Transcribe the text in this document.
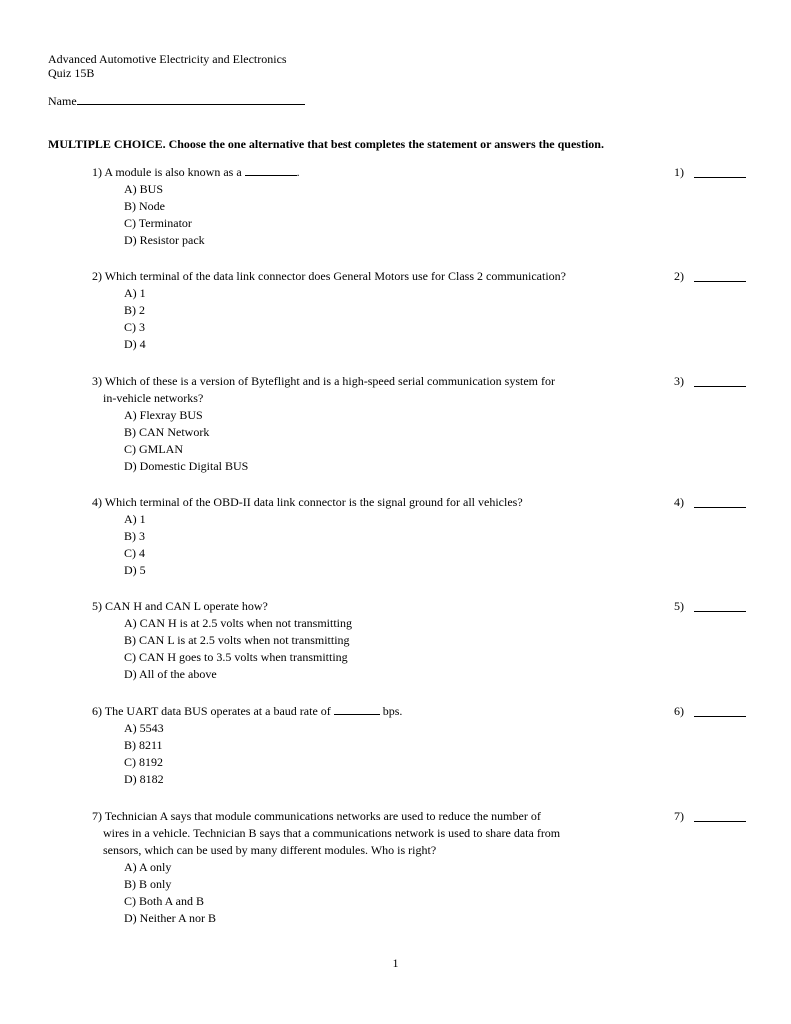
Advanced Automotive Electricity and Electronics
Quiz 15B
Name
MULTIPLE CHOICE. Choose the one alternative that best completes the statement or answers the question.
1) A module is also known as a	.
A) BUS
B) Node
C) Terminator
D) Resistor pack
1)
2) Which terminal of the data link connector does General Motors use for Class 2 communication?
A) 1
B) 2
C) 3
D) 4
2)
3) Which of these is a version of Byteflight and is a high-speed serial communication system for
in-vehicle networks?
A) Flexray BUS
B) CAN Network
C) GMLAN
D) Domestic Digital BUS
3)
4) Which terminal of the OBD-II data link connector is the signal ground for all vehicles?
A) 1
B) 3
C) 4
D) 5
4)
5) CAN H and CAN L operate how?
A) CAN H is at 2.5 volts when not transmitting
B) CAN L is at 2.5 volts when not transmitting
C) CAN H goes to 3.5 volts when transmitting
D) All of the above
5)
6) The UART data BUS operates at a baud rate of	bps.
A) 5543
B) 8211
C) 8192
D) 8182
6)
7) Technician A says that module communications networks are used to reduce the number of
wires in a vehicle. Technician B says that a communications network is used to share data from
sensors, which can be used by many different modules. Who is right?
A) A only
B) B only
C) Both A and B
D) Neither A nor B
7)
1
